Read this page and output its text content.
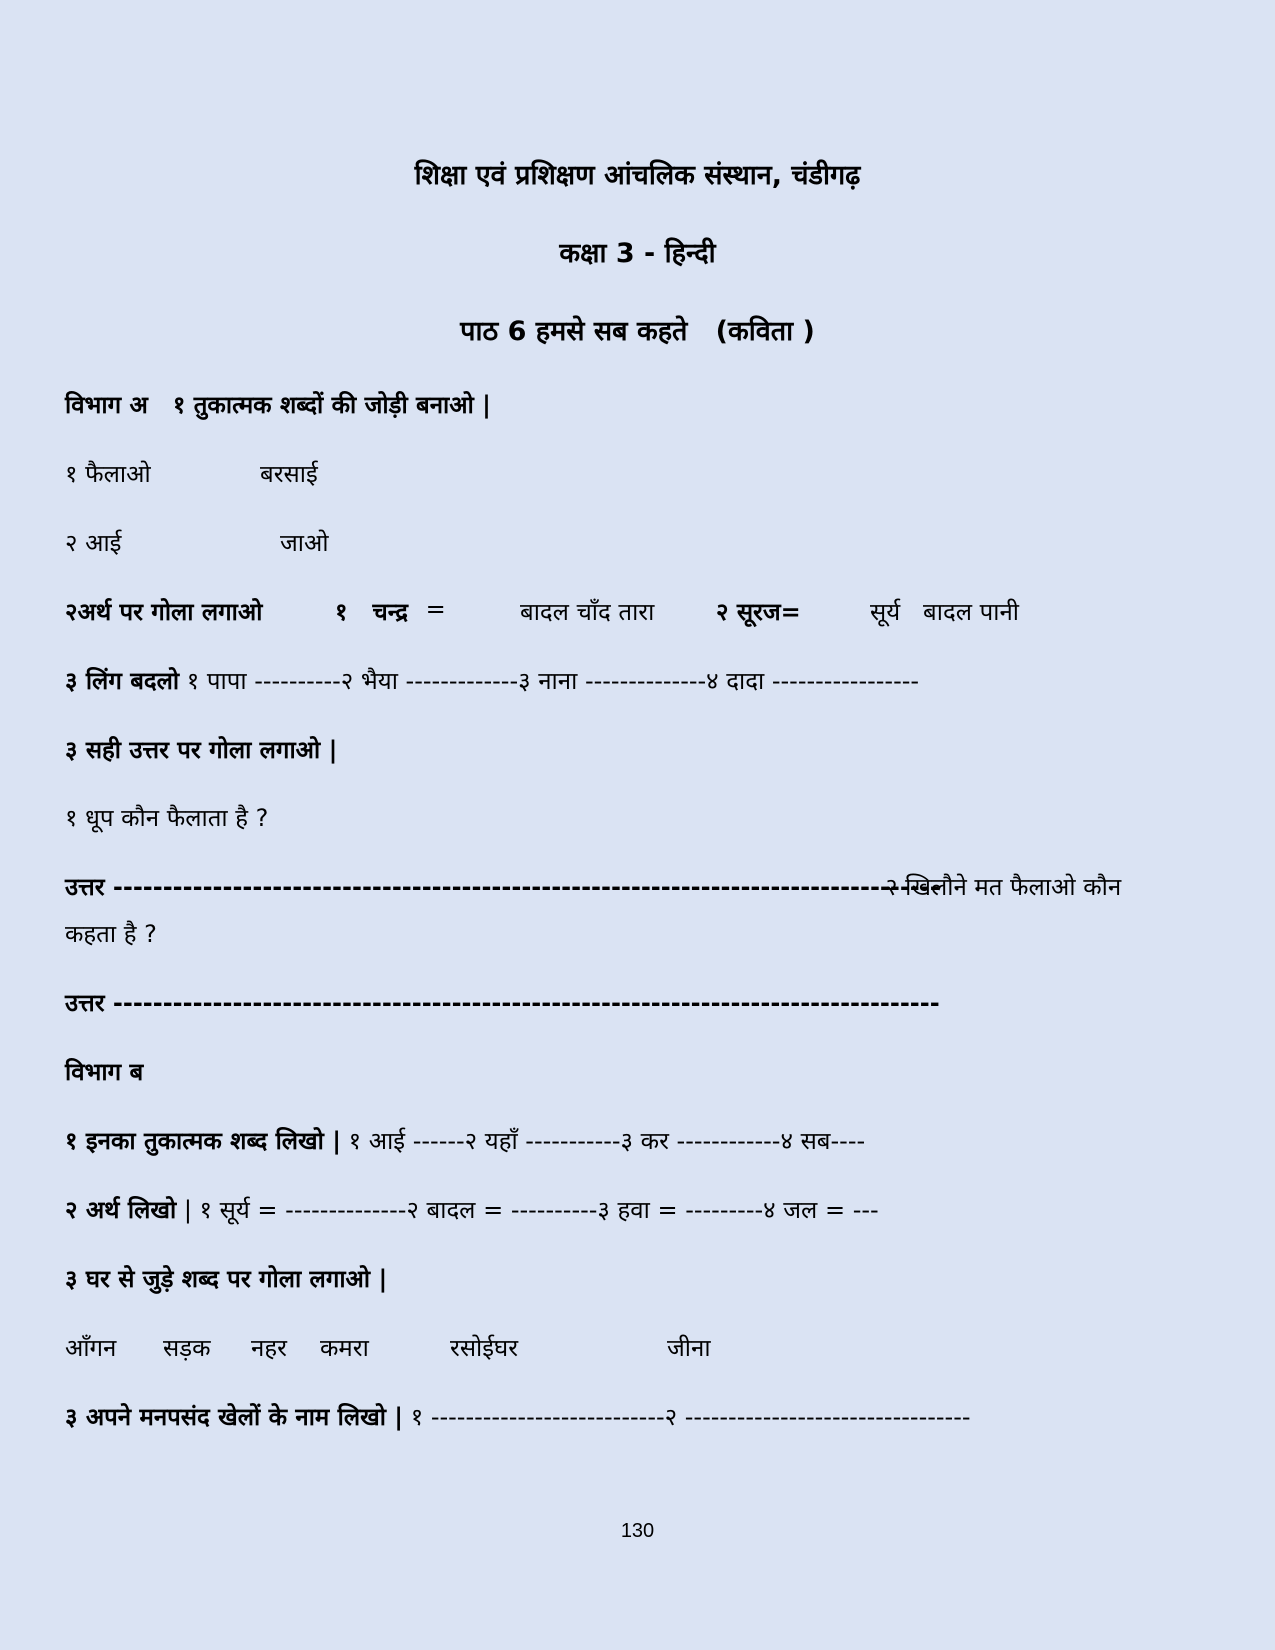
शिक्षा एवं प्रशिक्षण आंचलिक संस्थान, चंडीगढ़
कक्षा 3 - हिन्दी
पाठ 6 हमसे सब कहते   (कविता )
विभाग अ   १ तुकात्मक शब्दों की जोड़ी बनाओ |
१ फैलाओ	बरसाई
२ आई	जाओ
२अर्थ पर गोला लगाओ	१   चन्द्र =	बादल चाँद तारा	२ सूरज=	सूर्य   बादल पानी
३ लिंग बदलो १ पापा ----------२ भैया -------------३ नाना --------------४ दादा -----------------
३ सही उत्तर पर गोला लगाओ |
१ धूप कौन फैलाता है ?
उत्तर -----------------------------------------------------------------------------------
२ खिलौने मत फैलाओ कौन
कहता है ?
उत्तर -----------------------------------------------------------------------------------
विभाग ब
१ इनका तुकात्मक शब्द लिखो | १ आई ------२ यहाँ -----------३ कर ------------४ सब----
२ अर्थ लिखो | १ सूर्य = --------------२ बादल = ----------३ हवा = ---------४ जल = ---
३ घर से जुड़े शब्द पर गोला लगाओ |
आँगन सड़क नहर कमरा	रसोईघर	जीना
३ अपने मनपसंद खेलों के नाम लिखो | १ ---------------------------२ ---------------------------------
130
